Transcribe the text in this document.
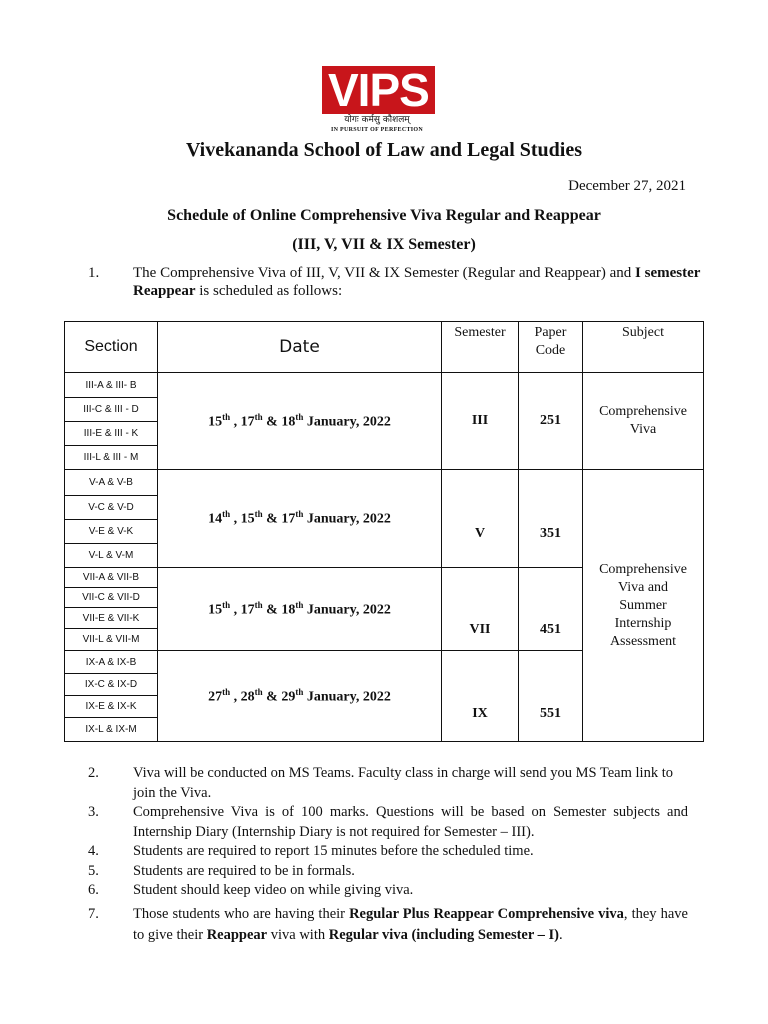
VIPS
योगः कर्मसु कौशलम्
IN PURSUIT OF PERFECTION
Vivekananda School of Law and Legal Studies
December 27, 2021
Schedule of Online Comprehensive Viva Regular and Reappear
(III, V, VII & IX Semester)
1. The Comprehensive Viva of III, V, VII & IX Semester (Regular and Reappear) and I semester Reappear is scheduled as follows:
Section	Date	Semester	Paper Code	Subject
III-A & III- B	15th , 17th & 18th January, 2022	III	251	Comprehensive
Viva

III-C & III - D				
III-E & III - K				
III-L & III - M				
V-A & V-B	14th , 15th & 17th January, 2022	V	351	Comprehensive
Viva and
Summer
Internship
Assessment

V-C & V-D				
V-E & V-K				
V-L & V-M				
VII-A & VII-B	15th , 17th & 18th January, 2022	VII	451	
VII-C & VII-D				
VII-E & VII-K				
VII-L & VII-M				
IX-A & IX-B	27th , 28th & 29th January, 2022	IX	551	
IX-C & IX-D				
IX-E & IX-K				
IX-L & IX-M				
2. Viva will be conducted on MS Teams. Faculty class in charge will send you MS Team link to join the Viva.
3. Comprehensive Viva is of 100 marks. Questions will be based on Semester subjects and Internship Diary (Internship Diary is not required for Semester – III).
4. Students are required to report 15 minutes before the scheduled time.
5. Students are required to be in formals.
6. Student should keep video on while giving viva.
7. Those students who are having their Regular Plus Reappear Comprehensive viva, they have to give their Reappear viva with Regular viva (including Semester – I).
